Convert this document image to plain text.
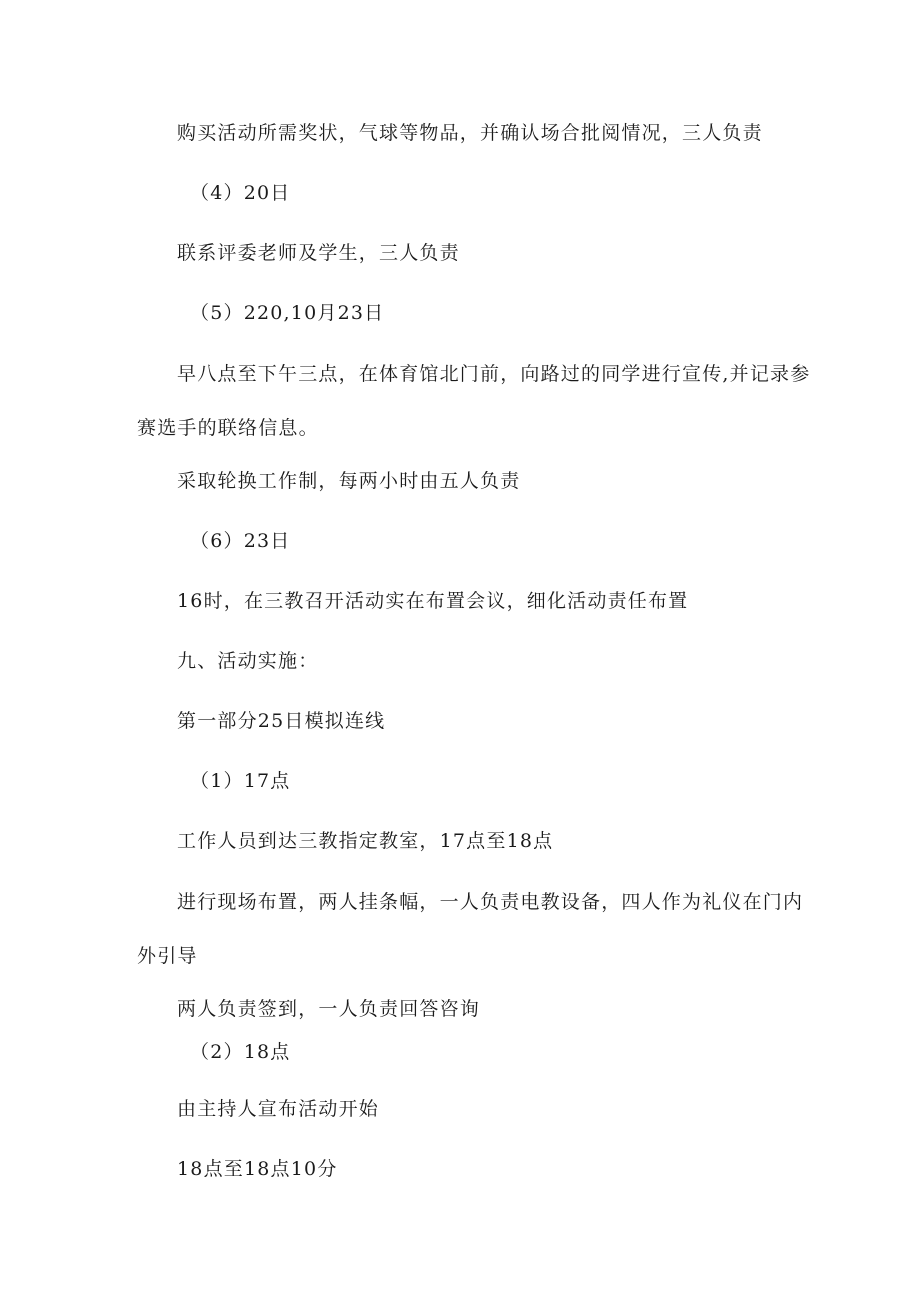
购买活动所需奖状，气球等物品，并确认场合批阅情况，三人负责
（4）20日
联系评委老师及学生，三人负责
（5）220,10月23日
早八点至下午三点，在体育馆北门前，向路过的同学进行宣传,并记录参赛选手的联络信息。
采取轮换工作制，每两小时由五人负责
（6）23日
16时，在三教召开活动实在布置会议，细化活动责任布置
九、活动实施：
第一部分25日模拟连线
（1）17点
工作人员到达三教指定教室，17点至18点
进行现场布置，两人挂条幅，一人负责电教设备，四人作为礼仪在门内外引导
两人负责签到，一人负责回答咨询
（2）18点
由主持人宣布活动开始
18点至18点10分
